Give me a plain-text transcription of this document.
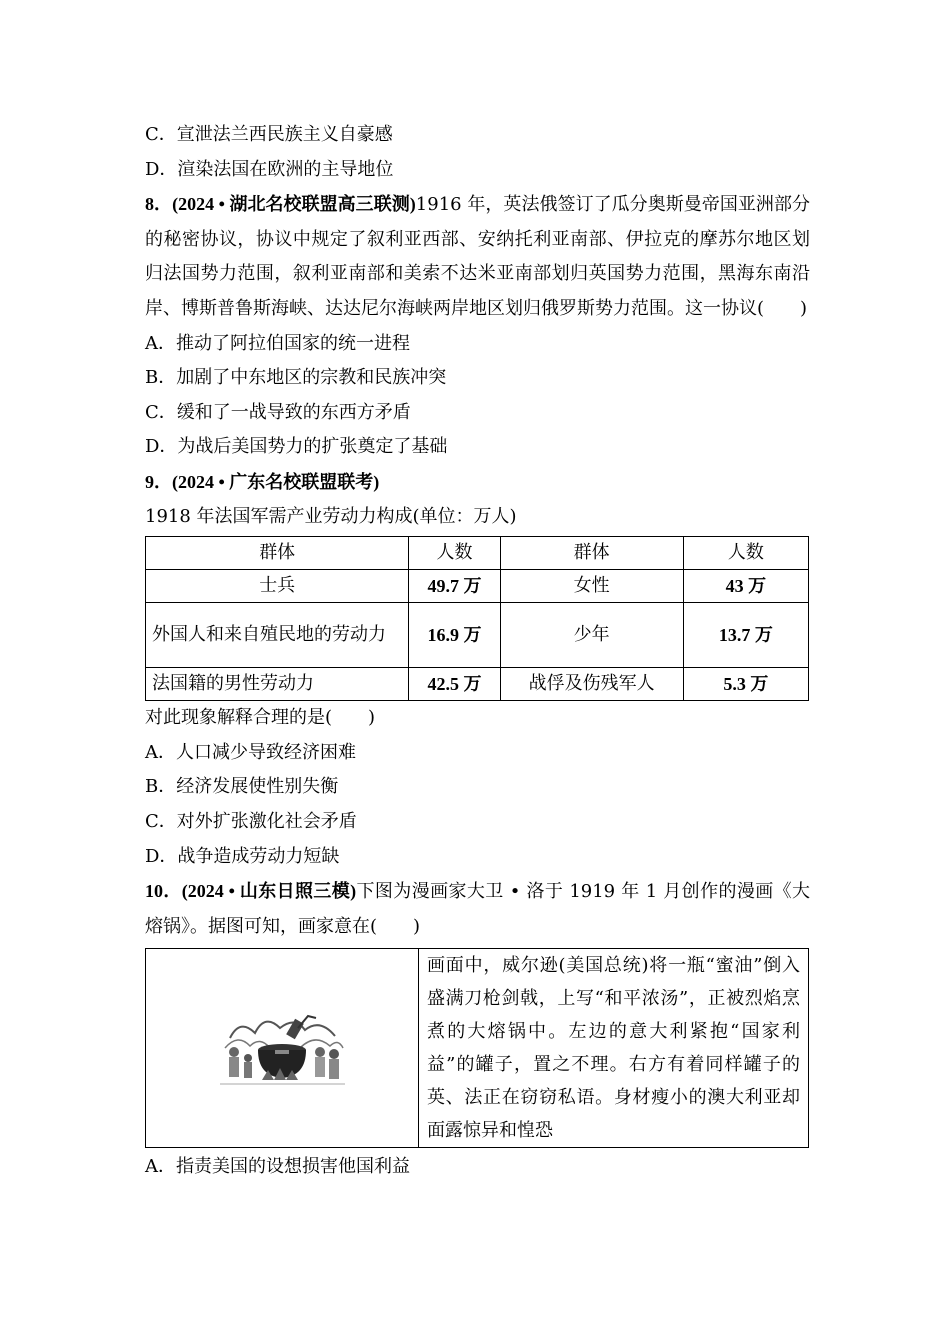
C．宣泄法兰西民族主义自豪感
D．渲染法国在欧洲的主导地位
8．(2024 • 湖北名校联盟高三联测)1916 年，英法俄签订了瓜分奥斯曼帝国亚洲部分的秘密协议，协议中规定了叙利亚西部、安纳托利亚南部、伊拉克的摩苏尔地区划归法国势力范围，叙利亚南部和美索不达米亚南部划归英国势力范围，黑海东南沿岸、博斯普鲁斯海峡、达达尼尔海峡两岸地区划归俄罗斯势力范围。这一协议(　　)
A．推动了阿拉伯国家的统一进程
B．加剧了中东地区的宗教和民族冲突
C．缓和了一战导致的东西方矛盾
D．为战后美国势力的扩张奠定了基础
9．(2024 • 广东名校联盟联考)
1918 年法国军需产业劳动力构成(单位：万人)
群体	人数	群体	人数
士兵	49.7 万	女性	43 万
外国人和来自殖民地的劳动力	16.9 万	少年	13.7 万
法国籍的男性劳动力	42.5 万	战俘及伤残军人	5.3 万
对此现象解释合理的是(　　)
A．人口减少导致经济困难
B．经济发展使性别失衡
C．对外扩张激化社会矛盾
D．战争造成劳动力短缺
10．(2024 • 山东日照三模)下图为漫画家大卫 • 洛于 1919 年 1 月创作的漫画《大熔锅》。据图可知，画家意在(　　)
画面中，威尔逊(美国总统)将一瓶“蜜油”倒入盛满刀枪剑戟，上写“和平浓汤”，正被烈焰烹煮的大熔锅中。左边的意大利紧抱“国家利益”的罐子，置之不理。右方有着同样罐子的英、法正在窃窃私语。身材瘦小的澳大利亚却面露惊异和惶恐
A．指责美国的设想损害他国利益
